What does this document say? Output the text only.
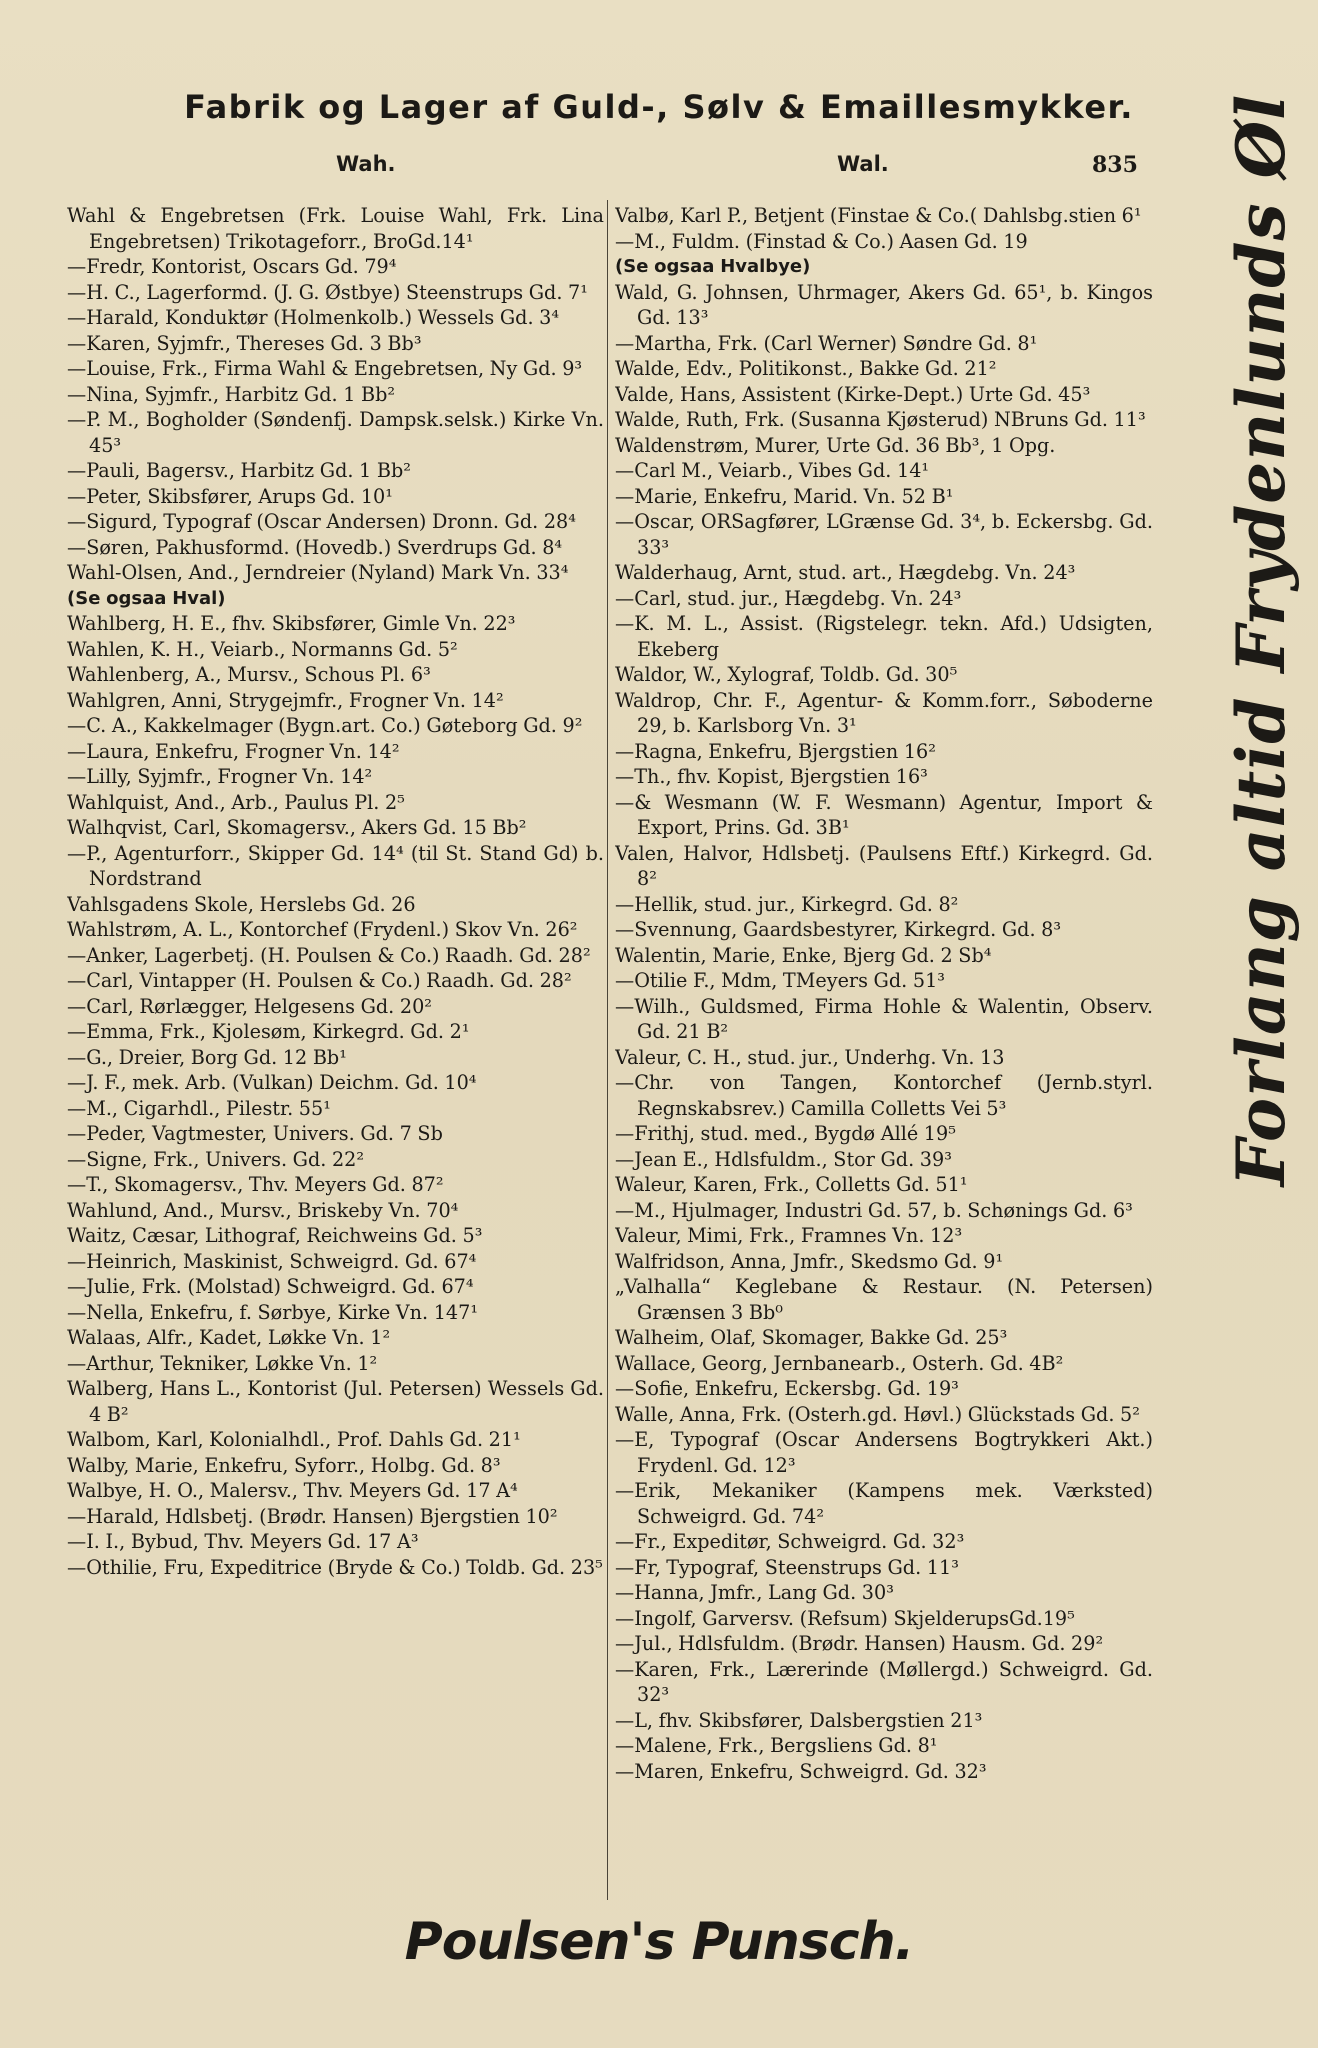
Fabrik og Lager af Guld-, Sølv & Emaillesmykker.
Wah.	Wal.	835
Wahl & Engebretsen (Frk. Louise Wahl, Frk. Lina Engebretsen) Trikotageforr., BroGd.14¹
—Fredr, Kontorist, Oscars Gd. 79⁴
—H. C., Lagerformd. (J. G. Østbye) Steenstrups Gd. 7¹
—Harald, Konduktør (Holmenkolb.) Wessels Gd. 3⁴
—Karen, Syjmfr., Thereses Gd. 3 Bb³
—Louise, Frk., Firma Wahl & Engebretsen, Ny Gd. 9³
—Nina, Syjmfr., Harbitz Gd. 1 Bb²
—P. M., Bogholder (Søndenfj. Dampsk.selsk.) Kirke Vn. 45³
—Pauli, Bagersv., Harbitz Gd. 1 Bb²
—Peter, Skibsfører, Arups Gd. 10¹
—Sigurd, Typograf (Oscar Andersen) Dronn. Gd. 28⁴
—Søren, Pakhusformd. (Hovedb.) Sverdrups Gd. 8⁴
Wahl-Olsen, And., Jerndreier (Nyland) Mark Vn. 33⁴
(Se ogsaa Hval)
Wahlberg, H. E., fhv. Skibsfører, Gimle Vn. 22³
Wahlen, K. H., Veiarb., Normanns Gd. 5²
Wahlenberg, A., Mursv., Schous Pl. 6³
Wahlgren, Anni, Strygejmfr., Frogner Vn. 14²
—C. A., Kakkelmager (Bygn.art. Co.) Gøteborg Gd. 9²
—Laura, Enkefru, Frogner Vn. 14²
—Lilly, Syjmfr., Frogner Vn. 14²
Wahlquist, And., Arb., Paulus Pl. 2⁵
Walhqvist, Carl, Skomagersv., Akers Gd. 15 Bb²
—P., Agenturforr., Skipper Gd. 14⁴ (til St. Stand Gd) b. Nordstrand
Vahlsgadens Skole, Herslebs Gd. 26
Wahlstrøm, A. L., Kontorchef (Frydenl.) Skov Vn. 26²
—Anker, Lagerbetj. (H. Poulsen & Co.) Raadh. Gd. 28²
—Carl, Vintapper (H. Poulsen & Co.) Raadh. Gd. 28²
—Carl, Rørlægger, Helgesens Gd. 20²
—Emma, Frk., Kjolesøm, Kirkegrd. Gd. 2¹
—G., Dreier, Borg Gd. 12 Bb¹
—J. F., mek. Arb. (Vulkan) Deichm. Gd. 10⁴
—M., Cigarhdl., Pilestr. 55¹
—Peder, Vagtmester, Univers. Gd. 7 Sb
—Signe, Frk., Univers. Gd. 22²
—T., Skomagersv., Thv. Meyers Gd. 87²
Wahlund, And., Mursv., Briskeby Vn. 70⁴
Waitz, Cæsar, Lithograf, Reichweins Gd. 5³
—Heinrich, Maskinist, Schweigrd. Gd. 67⁴
—Julie, Frk. (Molstad) Schweigrd. Gd. 67⁴
—Nella, Enkefru, f. Sørbye, Kirke Vn. 147¹
Walaas, Alfr., Kadet, Løkke Vn. 1²
—Arthur, Tekniker, Løkke Vn. 1²
Walberg, Hans L., Kontorist (Jul. Petersen) Wessels Gd. 4 B²
Walbom, Karl, Kolonialhdl., Prof. Dahls Gd. 21¹
Walby, Marie, Enkefru, Syforr., Holbg. Gd. 8³
Walbye, H. O., Malersv., Thv. Meyers Gd. 17 A⁴
—Harald, Hdlsbetj. (Brødr. Hansen) Bjergstien 10²
—I. I., Bybud, Thv. Meyers Gd. 17 A³
—Othilie, Fru, Expeditrice (Bryde & Co.) Toldb. Gd. 23⁵
Valbø, Karl P., Betjent (Finstae & Co.( Dahlsbg.stien 6¹
—M., Fuldm. (Finstad & Co.) Aasen Gd. 19
(Se ogsaa Hvalbye)
Wald, G. Johnsen, Uhrmager, Akers Gd. 65¹, b. Kingos Gd. 13³
—Martha, Frk. (Carl Werner) Søndre Gd. 8¹
Walde, Edv., Politikonst., Bakke Gd. 21²
Valde, Hans, Assistent (Kirke-Dept.) Urte Gd. 45³
Walde, Ruth, Frk. (Susanna Kjøsterud) NBruns Gd. 11³
Waldenstrøm, Murer, Urte Gd. 36 Bb³, 1 Opg.
—Carl M., Veiarb., Vibes Gd. 14¹
—Marie, Enkefru, Marid. Vn. 52 B¹
—Oscar, ORSagfører, LGrænse Gd. 3⁴, b. Eckersbg. Gd. 33³
Walderhaug, Arnt, stud. art., Hægdebg. Vn. 24³
—Carl, stud. jur., Hægdebg. Vn. 24³
—K. M. L., Assist. (Rigstelegr. tekn. Afd.) Udsigten, Ekeberg
Waldor, W., Xylograf, Toldb. Gd. 30⁵
Waldrop, Chr. F., Agentur- & Komm.forr., Søboderne 29, b. Karlsborg Vn. 3¹
—Ragna, Enkefru, Bjergstien 16²
—Th., fhv. Kopist, Bjergstien 16³
—& Wesmann (W. F. Wesmann) Agentur, Import & Export, Prins. Gd. 3B¹
Valen, Halvor, Hdlsbetj. (Paulsens Eftf.) Kirkegrd. Gd. 8²
—Hellik, stud. jur., Kirkegrd. Gd. 8²
—Svennung, Gaardsbestyrer, Kirkegrd. Gd. 8³
Walentin, Marie, Enke, Bjerg Gd. 2 Sb⁴
—Otilie F., Mdm, TMeyers Gd. 51³
—Wilh., Guldsmed, Firma Hohle & Walentin, Observ. Gd. 21 B²
Valeur, C. H., stud. jur., Underhg. Vn. 13
—Chr. von Tangen, Kontorchef (Jernb.styrl. Regnskabsrev.) Camilla Colletts Vei 5³
—Frithj, stud. med., Bygdø Allé 19⁵
—Jean E., Hdlsfuldm., Stor Gd. 39³
Waleur, Karen, Frk., Colletts Gd. 51¹
—M., Hjulmager, Industri Gd. 57, b. Schønings Gd. 6³
Valeur, Mimi, Frk., Framnes Vn. 12³
Walfridson, Anna, Jmfr., Skedsmo Gd. 9¹
„Valhalla“ Keglebane & Restaur. (N. Petersen) Grænsen 3 Bb⁰
Walheim, Olaf, Skomager, Bakke Gd. 25³
Wallace, Georg, Jernbanearb., Osterh. Gd. 4B²
—Sofie, Enkefru, Eckersbg. Gd. 19³
Walle, Anna, Frk. (Osterh.gd. Høvl.) Glückstads Gd. 5²
—E, Typograf (Oscar Andersens Bogtrykkeri Akt.) Frydenl. Gd. 12³
—Erik, Mekaniker (Kampens mek. Værksted) Schweigrd. Gd. 74²
—Fr., Expeditør, Schweigrd. Gd. 32³
—Fr, Typograf, Steenstrups Gd. 11³
—Hanna, Jmfr., Lang Gd. 30³
—Ingolf, Garversv. (Refsum) SkjelderupsGd.19⁵
—Jul., Hdlsfuldm. (Brødr. Hansen) Hausm. Gd. 29²
—Karen, Frk., Lærerinde (Møllergd.) Schweigrd. Gd. 32³
—L, fhv. Skibsfører, Dalsbergstien 21³
—Malene, Frk., Bergsliens Gd. 8¹
—Maren, Enkefru, Schweigrd. Gd. 32³
Forlang altid Frydenlunds Øl
Poulsen's Punsch.
